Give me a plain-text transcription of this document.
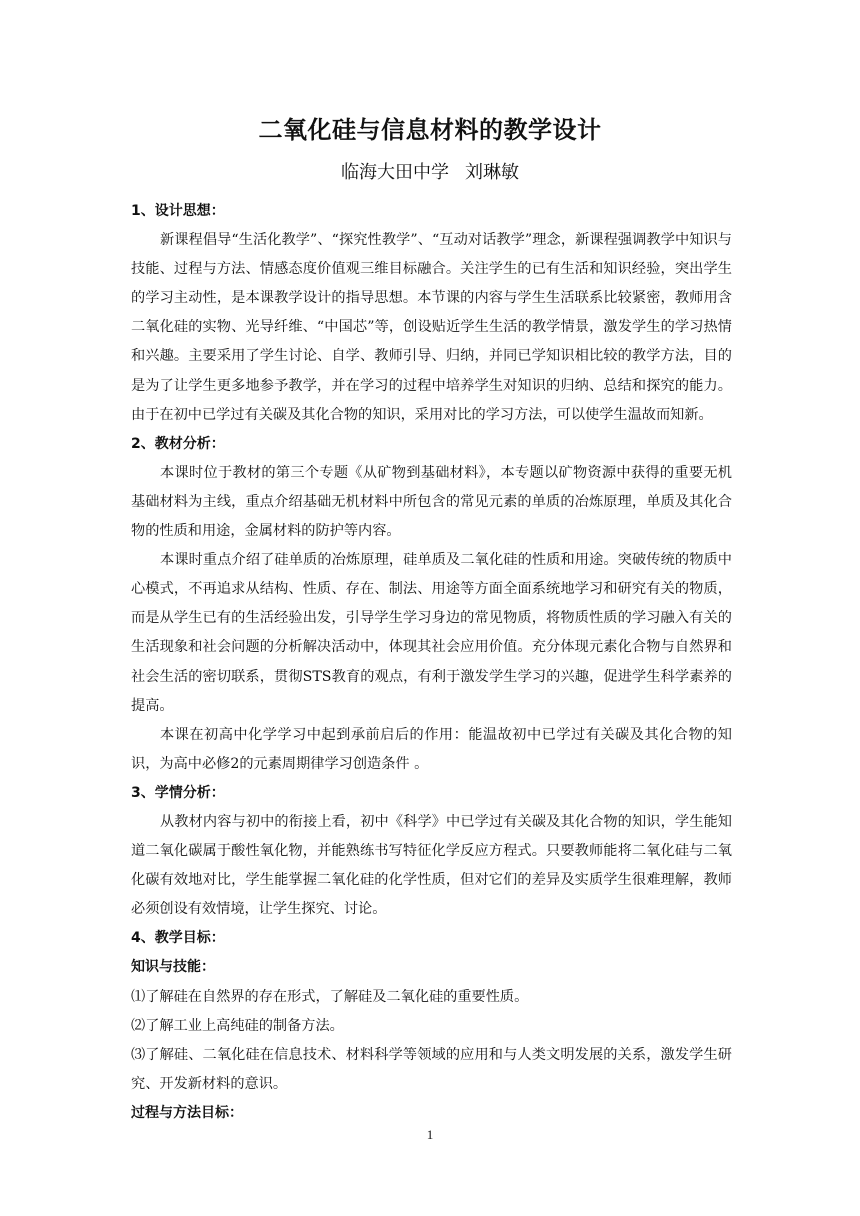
二氧化硅与信息材料的教学设计
临海大田中学 刘琳敏

1、设计思想：

新课程倡导“生活化教学”、“探究性教学”、“互动对话教学”理念，新课程强调教学中知识与技能、过程与方法、情感态度价值观三维目标融合。关注学生的已有生活和知识经验，突出学生的学习主动性，是本课教学设计的指导思想。本节课的内容与学生生活联系比较紧密，教师用含二氧化硅的实物、光导纤维、“中国芯”等，创设贴近学生生活的教学情景，激发学生的学习热情和兴趣。主要采用了学生讨论、自学、教师引导、归纳，并同已学知识相比较的教学方法，目的是为了让学生更多地参予教学，并在学习的过程中培养学生对知识的归纳、总结和探究的能力。由于在初中已学过有关碳及其化合物的知识，采用对比的学习方法，可以使学生温故而知新。

2、教材分析：

本课时位于教材的第三个专题《从矿物到基础材料》，本专题以矿物资源中获得的重要无机基础材料为主线，重点介绍基础无机材料中所包含的常见元素的单质的冶炼原理，单质及其化合物的性质和用途，金属材料的防护等内容。

本课时重点介绍了硅单质的冶炼原理，硅单质及二氧化硅的性质和用途。突破传统的物质中心模式，不再追求从结构、性质、存在、制法、用途等方面全面系统地学习和研究有关的物质，而是从学生已有的生活经验出发，引导学生学习身边的常见物质，将物质性质的学习融入有关的生活现象和社会问题的分析解决活动中，体现其社会应用价值。充分体现元素化合物与自然界和社会生活的密切联系，贯彻STS教育的观点，有利于激发学生学习的兴趣，促进学生科学素养的提高。

本课在初高中化学学习中起到承前启后的作用：能温故初中已学过有关碳及其化合物的知识，为高中必修2的元素周期律学习创造条件 。

3、学情分析：

从教材内容与初中的衔接上看，初中《科学》中已学过有关碳及其化合物的知识，学生能知道二氧化碳属于酸性氧化物，并能熟练书写特征化学反应方程式。只要教师能将二氧化硅与二氧化碳有效地对比，学生能掌握二氧化硅的化学性质，但对它们的差异及实质学生很难理解，教师必须创设有效情境，让学生探究、讨论。

4、教学目标：

知识与技能：

⑴了解硅在自然界的存在形式，了解硅及二氧化硅的重要性质。

⑵了解工业上高纯硅的制备方法。

⑶了解硅、二氧化硅在信息技术、材料科学等领域的应用和与人类文明发展的关系，激发学生研究、开发新材料的意识。

过程与方法目标：

1
